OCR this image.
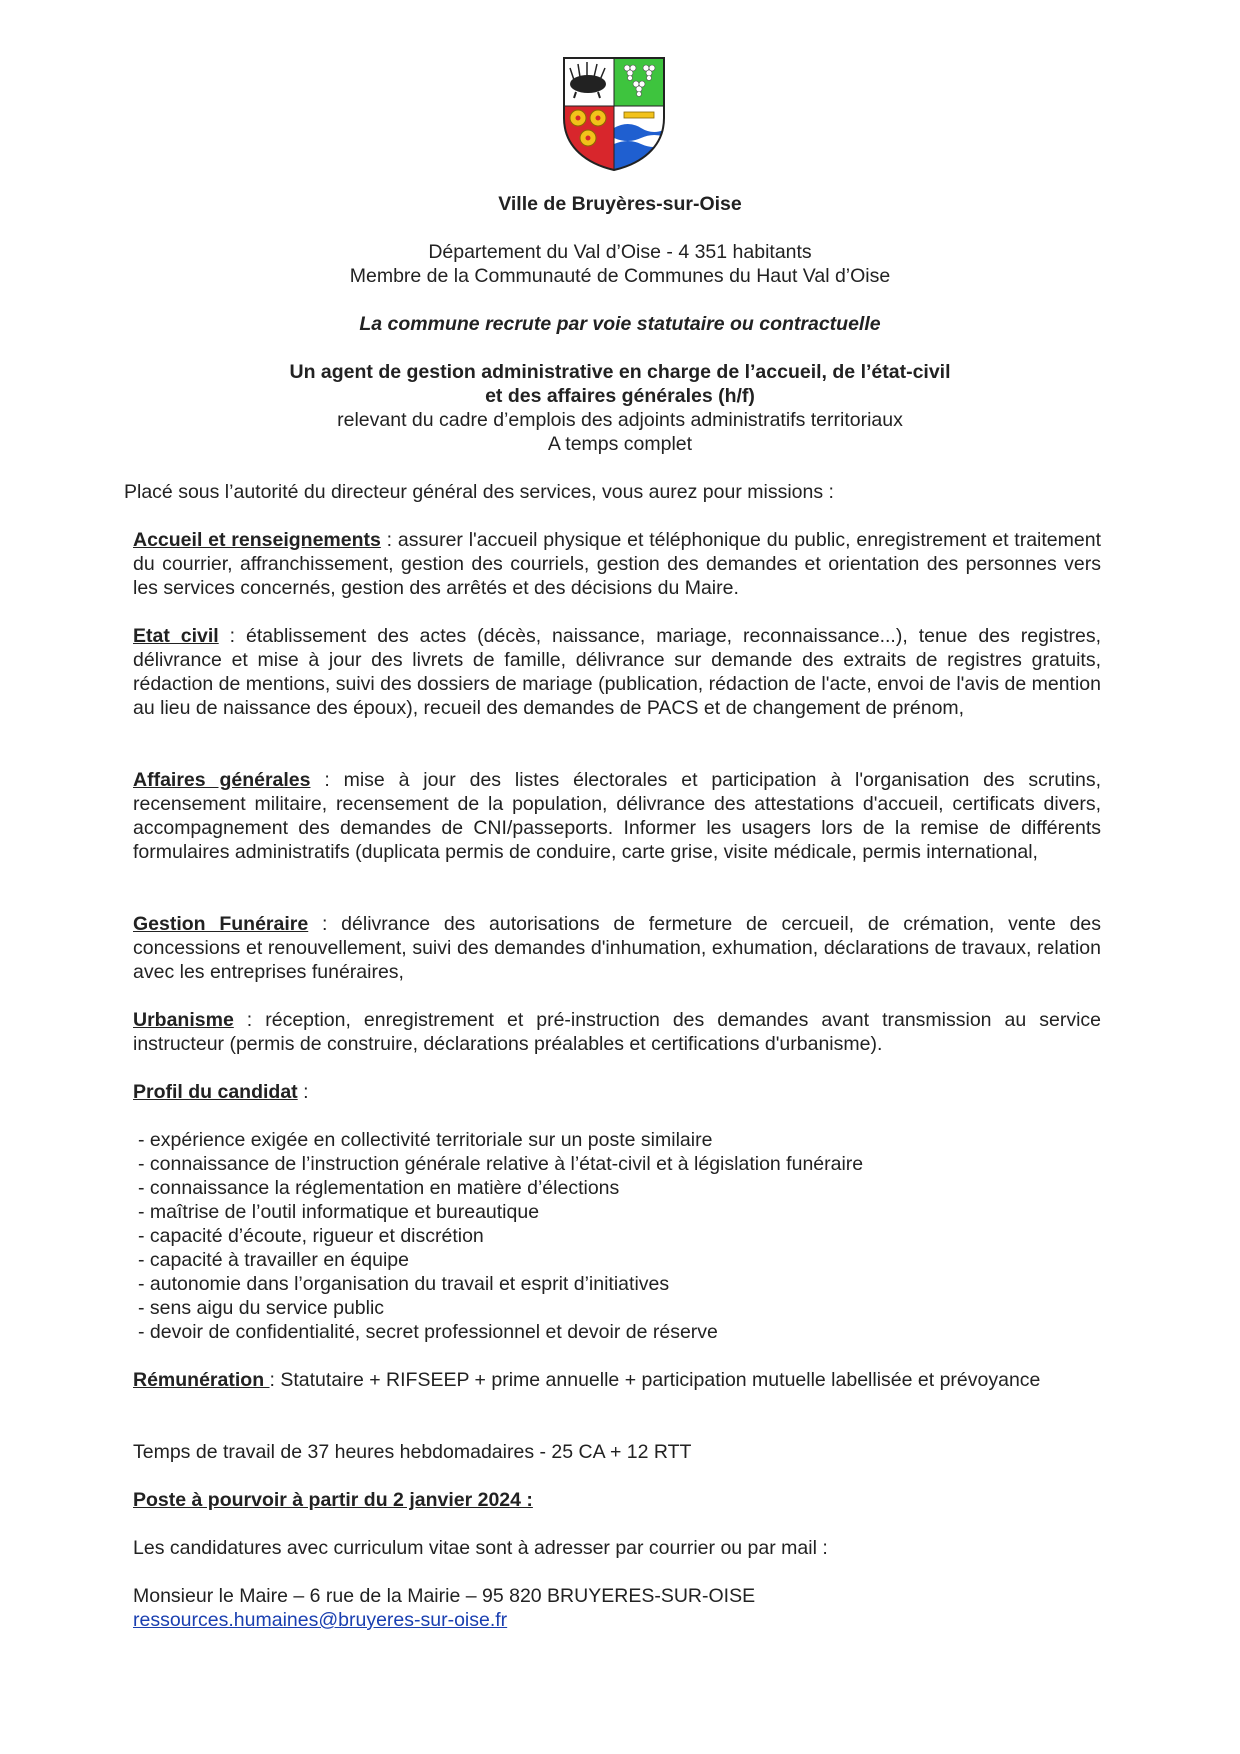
Ville de Bruyères-sur-Oise
Département du Val d’Oise - 4 351 habitants
Membre de la Communauté de Communes du Haut Val d’Oise
La commune recrute par voie statutaire ou contractuelle
Un agent de gestion administrative en charge de l’accueil, de l’état-civil
et des affaires générales (h/f)
relevant du cadre d’emplois des adjoints administratifs territoriaux
A temps complet
Placé sous l’autorité du directeur général des services, vous aurez pour missions :
Accueil et renseignements : assurer l'accueil physique et téléphonique du public, enregistrement et traitement du courrier, affranchissement, gestion des courriels, gestion des demandes et orientation des personnes vers les services concernés, gestion des arrêtés et des décisions du Maire.
Etat civil : établissement des actes (décès, naissance, mariage, reconnaissance...), tenue des registres, délivrance et mise à jour des livrets de famille, délivrance sur demande des extraits de registres gratuits, rédaction de mentions, suivi des dossiers de mariage (publication, rédaction de l'acte, envoi de l'avis de mention au lieu de naissance des époux), recueil des demandes de PACS et de changement de prénom,
Affaires générales : mise à jour des listes électorales et participation à l'organisation des scrutins, recensement militaire, recensement de la population, délivrance des attestations d'accueil, certificats divers, accompagnement des demandes de CNI/passeports. Informer les usagers lors de la remise de différents formulaires administratifs (duplicata permis de conduire, carte grise, visite médicale, permis international,
Gestion Funéraire : délivrance des autorisations de fermeture de cercueil, de crémation, vente des concessions et renouvellement, suivi des demandes d'inhumation, exhumation, déclarations de travaux, relation avec les entreprises funéraires,
Urbanisme : réception, enregistrement et pré-instruction des demandes avant transmission au service instructeur (permis de construire, déclarations préalables et certifications d'urbanisme).
Profil du candidat :
- expérience exigée en collectivité territoriale sur un poste similaire
- connaissance de l’instruction générale relative à l’état-civil et à législation funéraire
- connaissance la réglementation en matière d’élections
- maîtrise de l’outil informatique et bureautique
- capacité d’écoute, rigueur et discrétion
- capacité à travailler en équipe
- autonomie dans l’organisation du travail et esprit d’initiatives
- sens aigu du service public
- devoir de confidentialité, secret professionnel et devoir de réserve
Rémunération : Statutaire + RIFSEEP + prime annuelle + participation mutuelle labellisée et prévoyance
Temps de travail de 37 heures hebdomadaires - 25 CA + 12 RTT
Poste à pourvoir à partir du 2 janvier 2024 :
Les candidatures avec curriculum vitae sont à adresser par courrier ou par mail :
Monsieur le Maire – 6 rue de la Mairie – 95 820 BRUYERES-SUR-OISE
ressources.humaines@bruyeres-sur-oise.fr
